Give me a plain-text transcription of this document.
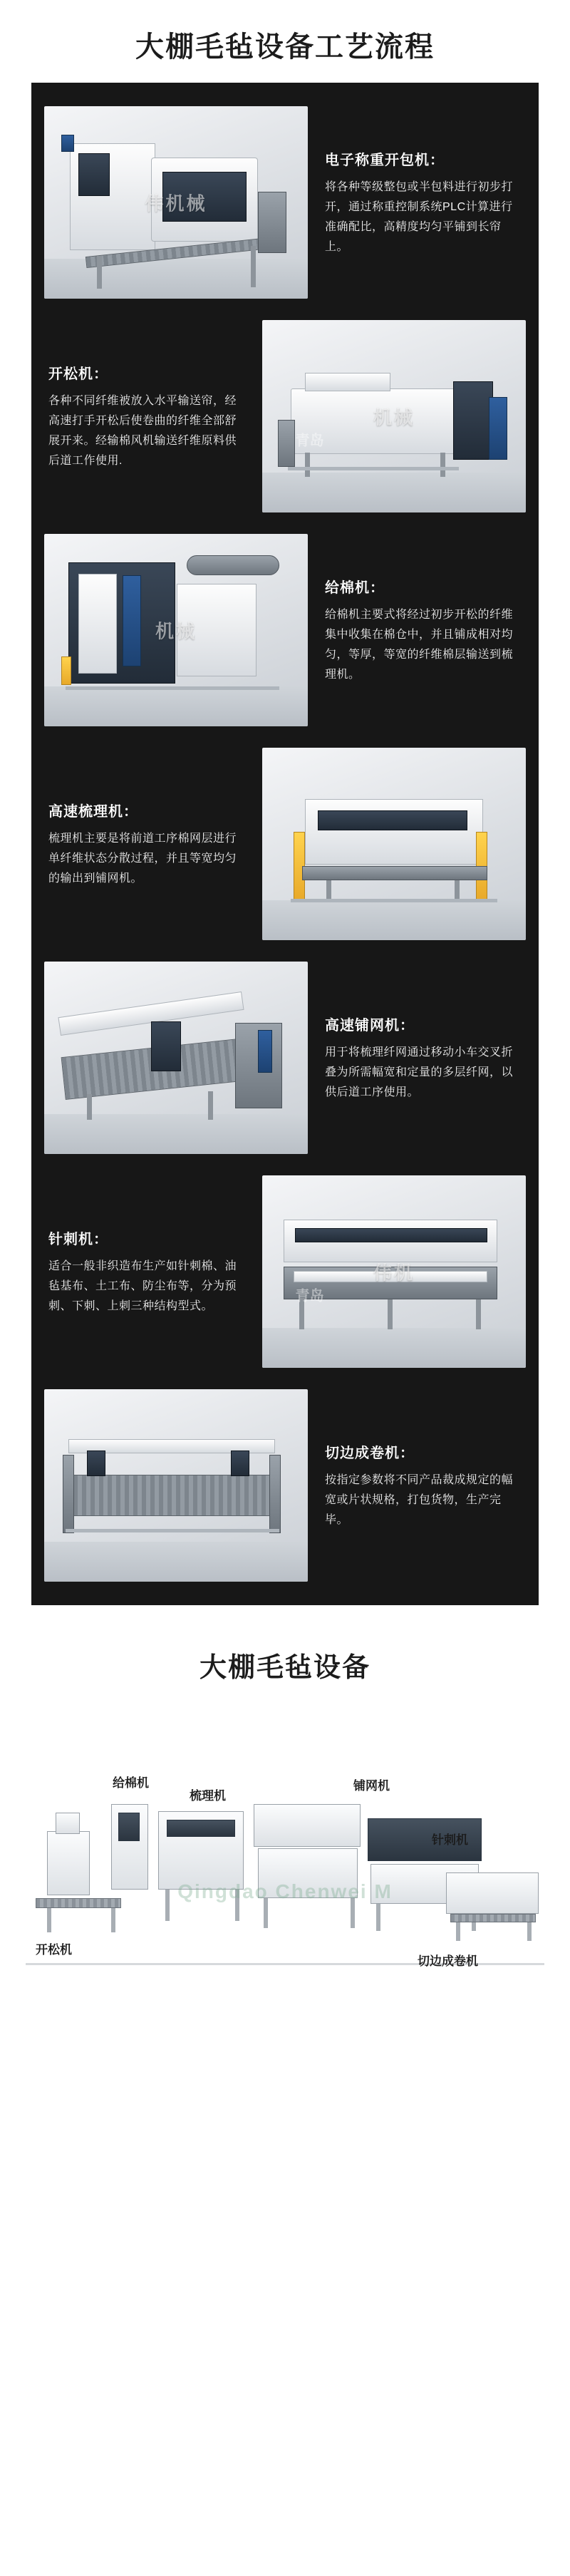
大棚毛毡设备工艺流程
伟机械
电子称重开包机：
将各种等级整包或半包料进行初步打开，通过称重控制系统PLC计算进行准确配比，高精度均匀平铺到长帘上。
机械
青岛
开松机：
各种不同纤维被放入水平输送帘，经高速打手开松后使卷曲的纤维全部舒展开来。经输棉风机输送纤维原料供后道工作使用.
机械
给棉机：
给棉机主要式将经过初步开松的纤维集中收集在棉仓中，并且铺成相对均匀，等厚，等宽的纤维棉层输送到梳理机。
高速梳理机：
梳理机主要是将前道工序棉网层进行单纤维状态分散过程，并且等宽均匀的输出到铺网机。
高速铺网机：
用于将梳理纤网通过移动小车交叉折叠为所需幅宽和定量的多层纤网，以供后道工序使用。
伟机
青岛
针刺机：
适合一般非织造布生产如针刺棉、油毡基布、土工布、防尘布等，分为预刺、下刺、上刺三种结构型式。
切边成卷机：
按指定参数将不同产品裁成规定的幅宽或片状规格，打包货物，生产完毕。
大棚毛毡设备
Qingdao Chenwei M
给棉机
梳理机
铺网机
针刺机
开松机
切边成卷机
